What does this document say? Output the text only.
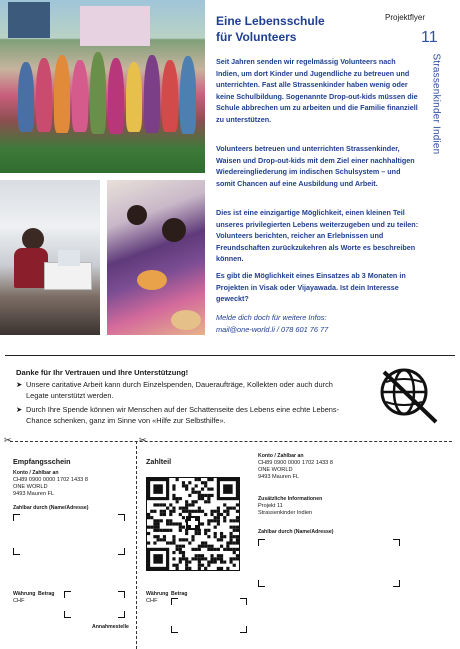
Eine Lebensschule
für Volunteers
Projektflyer
11
Strassenkinder Indien

Seit Jahren senden wir regelmässig Volunteers nach Indien, um dort Kinder und Jugendliche zu betreuen und unterrichten. Fast alle Strassenkinder haben wenig oder keine Schulbildung. Sogenannte Drop-out-kids müssen die Schule abbrechen um zu arbeiten und die Familie finanziell zu unterstützen.

Volunteers betreuen und unterrichten Strassenkinder, Waisen und Drop-out-kids mit dem Ziel einer nachhaltigen Wiedereingliederung im indischen Schulsystem – und somit Chancen auf eine Ausbildung und Arbeit.

Dies ist eine einzigartige Möglichkeit, einen kleinen Teil unseres privilegierten Lebens weiterzugeben und zu teilen: Volunteers berichten, reicher an Erlebnissen und Freundschaften zurückzukehren als Worte es beschreiben können.

Es gibt die Möglichkeit eines Einsatzes ab 3 Monaten in Projekten in Visak oder Vijayawada. Ist dein Interesse geweckt?

Melde dich doch für weitere Infos:
mail@one-world.li / 078 601 76 77
Danke für Ihr Vertrauen und Ihre Unterstützung!
➤ Unsere caritative Arbeit kann durch Einzelspenden, Daueraufträge, Kollekten oder auch durch Legate unterstützt werden.
➤ Durch Ihre Spende können wir Menschen auf der Schattenseite des Lebens eine echte Lebens-Chance schenken, ganz im Sinne von «Hilfe zur Selbsthilfe».
✂	✂
Empfangsschein
Konto / Zahlbar an
CH89 0900 0000 1702 1433 8
ONE WORLD
9493 Mauren FL
Zahlbar durch (Name/Adresse)
Währung Betrag
CHF
Annahmestelle
Zahlteil
Währung Betrag
CHF
Konto / Zahlbar an
CH89 0900 0000 1702 1433 8
ONE WORLD
9493 Mauren FL
Zusätzliche Informationen
Projekt 11
Strassenkinder Indien
Zahlbar durch (Name/Adresse)
